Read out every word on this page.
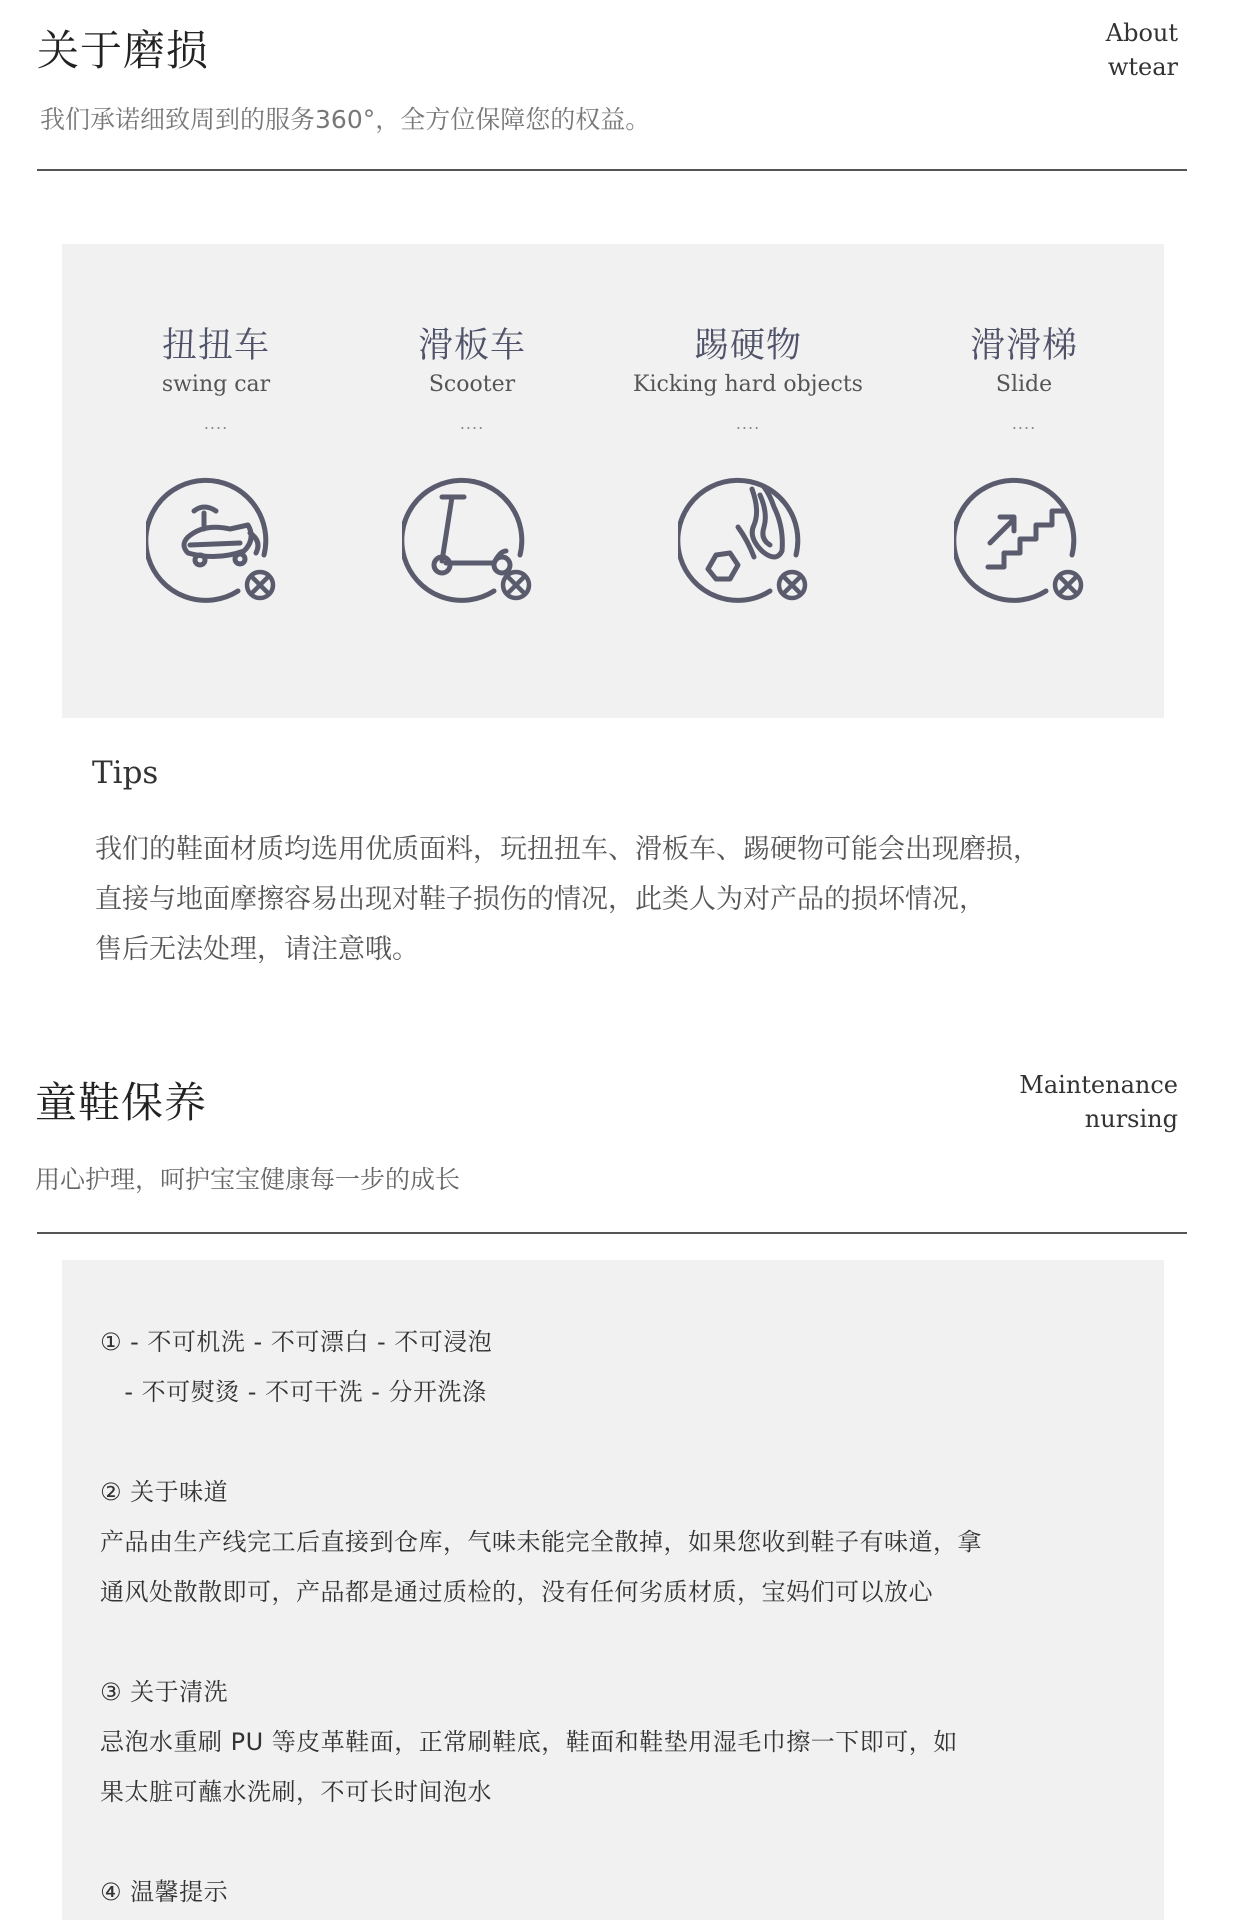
关于磨损	About
wtear
我们承诺细致周到的服务360°，全方位保障您的权益。
扭扭车
swing car
....
滑板车
Scooter
....
踢硬物
Kicking hard objects
....
滑滑梯
Slide
....
Tips
我们的鞋面材质均选用优质面料，玩扭扭车、滑板车、踢硬物可能会出现磨损，
直接与地面摩擦容易出现对鞋子损伤的情况，此类人为对产品的损坏情况，
售后无法处理，请注意哦。
童鞋保养	Maintenance
nursing
用心护理，呵护宝宝健康每一步的成长
① - 不可机洗 - 不可漂白 - 不可浸泡
- 不可熨烫 - 不可干洗 - 分开洗涤
② 关于味道
产品由生产线完工后直接到仓库，气味未能完全散掉，如果您收到鞋子有味道，拿
通风处散散即可，产品都是通过质检的，没有任何劣质材质，宝妈们可以放心
③ 关于清洗
忌泡水重刷 PU 等皮革鞋面，正常刷鞋底，鞋面和鞋垫用湿毛巾擦一下即可，如
果太脏可蘸水洗刷，不可长时间泡水
④ 温馨提示
